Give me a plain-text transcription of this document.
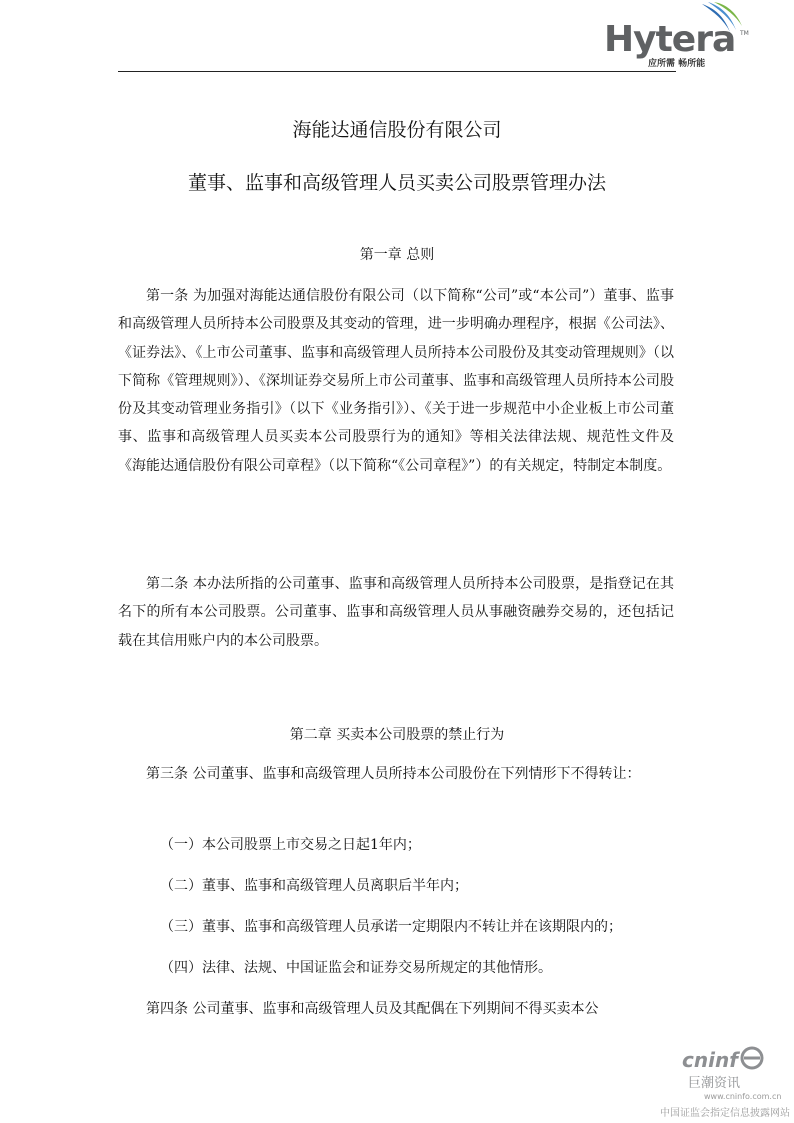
Hytera TM
应所需 畅所能
海能达通信股份有限公司
董事、监事和高级管理人员买卖公司股票管理办法
第一章 总则

第一条 为加强对海能达通信股份有限公司（以下简称“公司”或“本公司”）董事、监事和高级管理人员所持本公司股票及其变动的管理，进一步明确办理程序，根据《公司法》、《证券法》、《上市公司董事、监事和高级管理人员所持本公司股份及其变动管理规则》（以下简称《管理规则》）、《深圳证券交易所上市公司董事、监事和高级管理人员所持本公司股份及其变动管理业务指引》（以下《业务指引》）、《关于进一步规范中小企业板上市公司董事、监事和高级管理人员买卖本公司股票行为的通知》等相关法律法规、规范性文件及《海能达通信股份有限公司章程》（以下简称“《公司章程》”）的有关规定，特制定本制度。

第二条 本办法所指的公司董事、监事和高级管理人员所持本公司股票，是指登记在其名下的所有本公司股票。公司董事、监事和高级管理人员从事融资融券交易的，还包括记载在其信用账户内的本公司股票。

第二章 买卖本公司股票的禁止行为

第三条 公司董事、监事和高级管理人员所持本公司股份在下列情形下不得转让：

（一）本公司股票上市交易之日起1年内；
（二）董事、监事和高级管理人员离职后半年内；
（三）董事、监事和高级管理人员承诺一定期限内不转让并在该期限内的；
（四）法律、法规、中国证监会和证券交易所规定的其他情形。

第四条 公司董事、监事和高级管理人员及其配偶在下列期间不得买卖本公

cninf
巨潮资讯
www.cninfo.com.cn
中国证监会指定信息披露网站
